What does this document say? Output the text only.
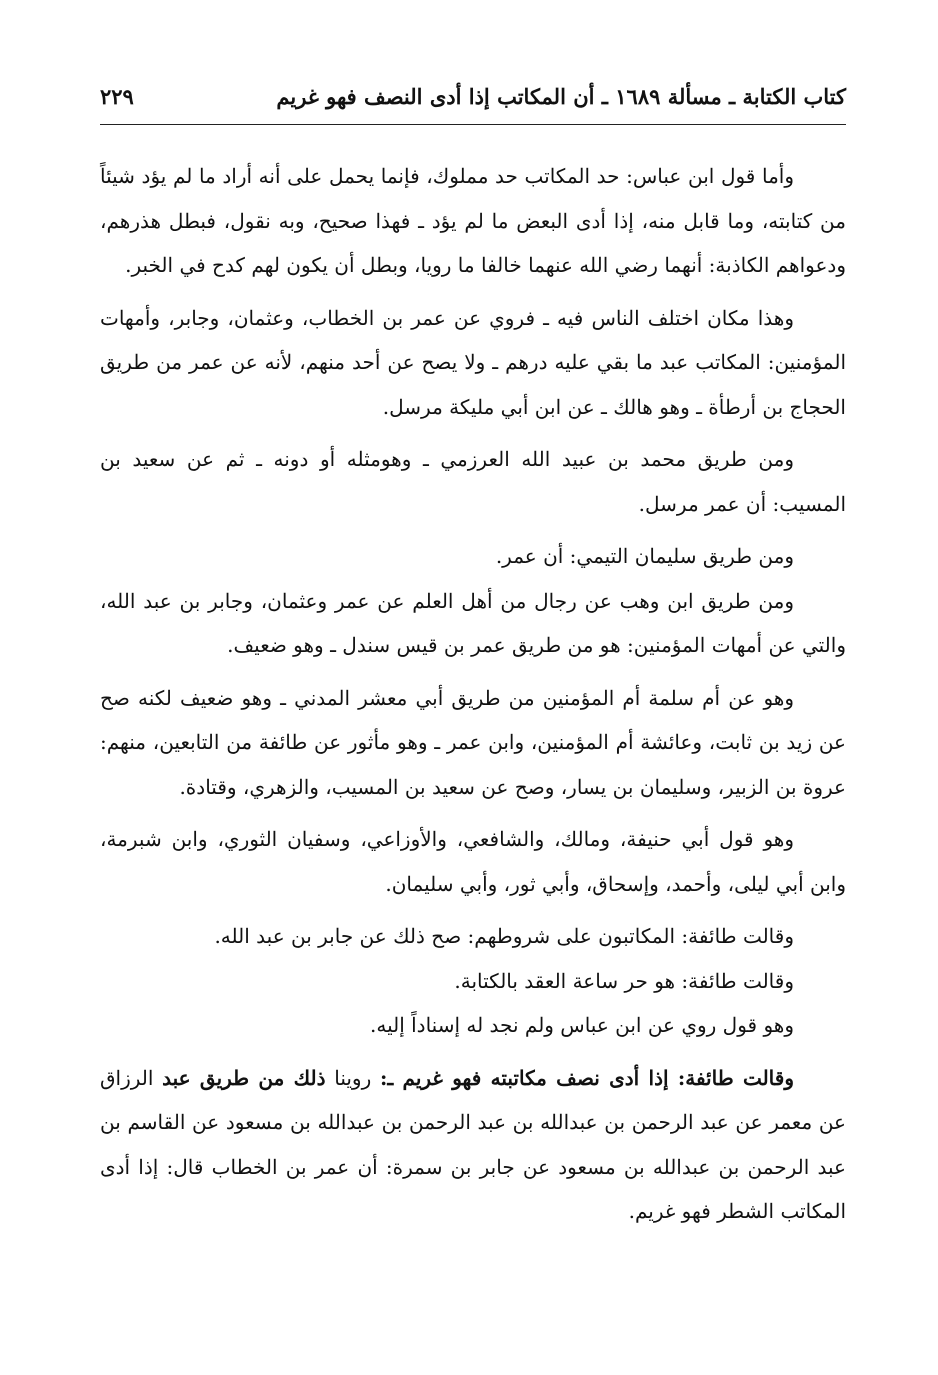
كتاب الكتابة ـ مسألة ١٦٨٩ ـ أن المكاتب إذا أدى النصف فهو غريم
٢٢٩

وأما قول ابن عباس: حد المكاتب حد مملوك، فإنما يحمل على أنه أراد ما لم يؤد شيئاً من كتابته، وما قابل منه، إذا أدى البعض ما لم يؤد ـ فهذا صحيح، وبه نقول، فبطل هذرهم، ودعواهم الكاذبة: أنهما رضي الله عنهما خالفا ما رويا، وبطل أن يكون لهم كدح في الخبر.

وهذا مكان اختلف الناس فيه ـ فروي عن عمر بن الخطاب، وعثمان، وجابر، وأمهات المؤمنين: المكاتب عبد ما بقي عليه درهم ـ ولا يصح عن أحد منهم، لأنه عن عمر من طريق الحجاج بن أرطأة ـ وهو هالك ـ عن ابن أبي مليكة مرسل.

ومن طريق محمد بن عبيد الله العرزمي ـ وهومثله أو دونه ـ ثم عن سعيد بن المسيب: أن عمر مرسل.

ومن طريق سليمان التيمي: أن عمر.

ومن طريق ابن وهب عن رجال من أهل العلم عن عمر وعثمان، وجابر بن عبد الله، والتي عن أمهات المؤمنين: هو من طريق عمر بن قيس سندل ـ وهو ضعيف.

وهو عن أم سلمة أم المؤمنين من طريق أبي معشر المدني ـ وهو ضعيف لكنه صح عن زيد بن ثابت، وعائشة أم المؤمنين، وابن عمر ـ وهو مأثور عن طائفة من التابعين، منهم: عروة بن الزبير، وسليمان بن يسار، وصح عن سعيد بن المسيب، والزهري، وقتادة.

وهو قول أبي حنيفة، ومالك، والشافعي، والأوزاعي، وسفيان الثوري، وابن شبرمة، وابن أبي ليلى، وأحمد، وإسحاق، وأبي ثور، وأبي سليمان.

وقالت طائفة: المكاتبون على شروطهم: صح ذلك عن جابر بن عبد الله.

وقالت طائفة: هو حر ساعة العقد بالكتابة.

وهو قول روي عن ابن عباس ولم نجد له إسناداً إليه.

وقالت طائفة: إذا أدى نصف مكاتبته فهو غريم ـ: روينا ذلك من طريق عبد الرزاق عن معمر عن عبد الرحمن بن عبدالله بن عبد الرحمن بن عبدالله بن مسعود عن القاسم بن عبد الرحمن بن عبدالله بن مسعود عن جابر بن سمرة: أن عمر بن الخطاب قال: إذا أدى المكاتب الشطر فهو غريم.
